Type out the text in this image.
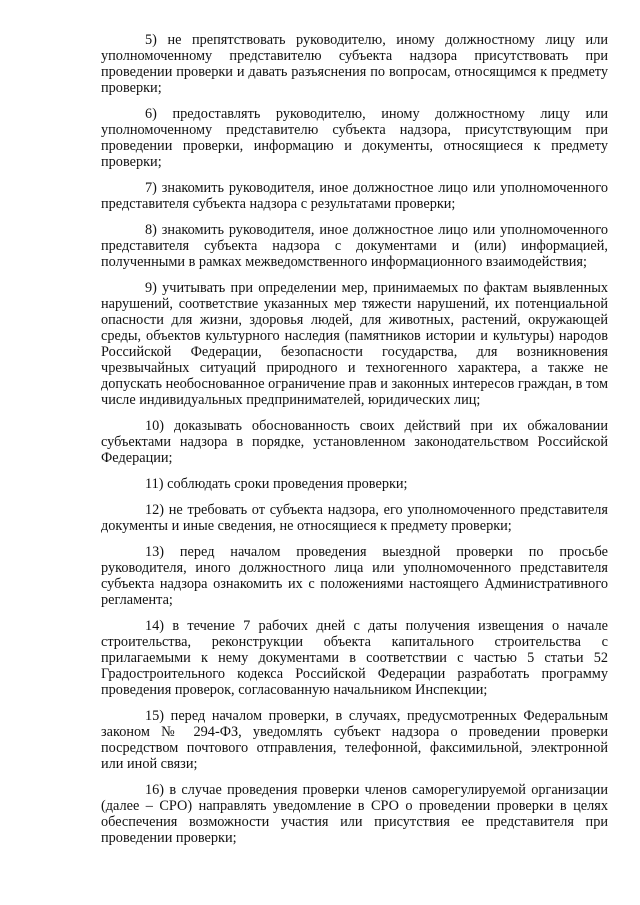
5) не препятствовать руководителю, иному должностному лицу или уполномоченному представителю субъекта надзора присутствовать при проведении проверки и давать разъяснения по вопросам, относящимся к предмету проверки;

6) предоставлять руководителю, иному должностному лицу или уполномоченному представителю субъекта надзора, присутствующим при проведении проверки, информацию и документы, относящиеся к предмету проверки;

7) знакомить руководителя, иное должностное лицо или уполномоченного представителя субъекта надзора с результатами проверки;

8) знакомить руководителя, иное должностное лицо или уполномоченного представителя субъекта надзора с документами и (или) информацией, полученными в рамках межведомственного информационного взаимодействия;

9) учитывать при определении мер, принимаемых по фактам выявленных нарушений, соответствие указанных мер тяжести нарушений, их потенциальной опасности для жизни, здоровья людей, для животных, растений, окружающей среды, объектов культурного наследия (памятников истории и культуры) народов Российской Федерации, безопасности государства, для возникновения чрезвычайных ситуаций природного и техногенного характера, а также не допускать необоснованное ограничение прав и законных интересов граждан, в том числе индивидуальных предпринимателей, юридических лиц;

10) доказывать обоснованность своих действий при их обжаловании субъектами надзора в порядке, установленном законодательством Российской Федерации;

11) соблюдать сроки проведения проверки;

12) не требовать от субъекта надзора, его уполномоченного представителя документы и иные сведения, не относящиеся к предмету проверки;

13) перед началом проведения выездной проверки по просьбе руководителя, иного должностного лица или уполномоченного представителя субъекта надзора ознакомить их с положениями настоящего Административного регламента;

14) в течение 7 рабочих дней с даты получения извещения о начале строительства, реконструкции объекта капитального строительства с прилагаемыми к нему документами в соответствии с частью 5 статьи 52 Градостроительного кодекса Российской Федерации разработать программу проведения проверок, согласованную начальником Инспекции;

15) перед началом проверки, в случаях, предусмотренных Федеральным законом № 294-ФЗ, уведомлять субъект надзора о проведении проверки посредством почтового отправления, телефонной, факсимильной, электронной или иной связи;

16) в случае проведения проверки членов саморегулируемой организации (далее – СРО) направлять уведомление в СРО о проведении проверки в целях обеспечения возможности участия или присутствия ее представителя при проведении проверки;
